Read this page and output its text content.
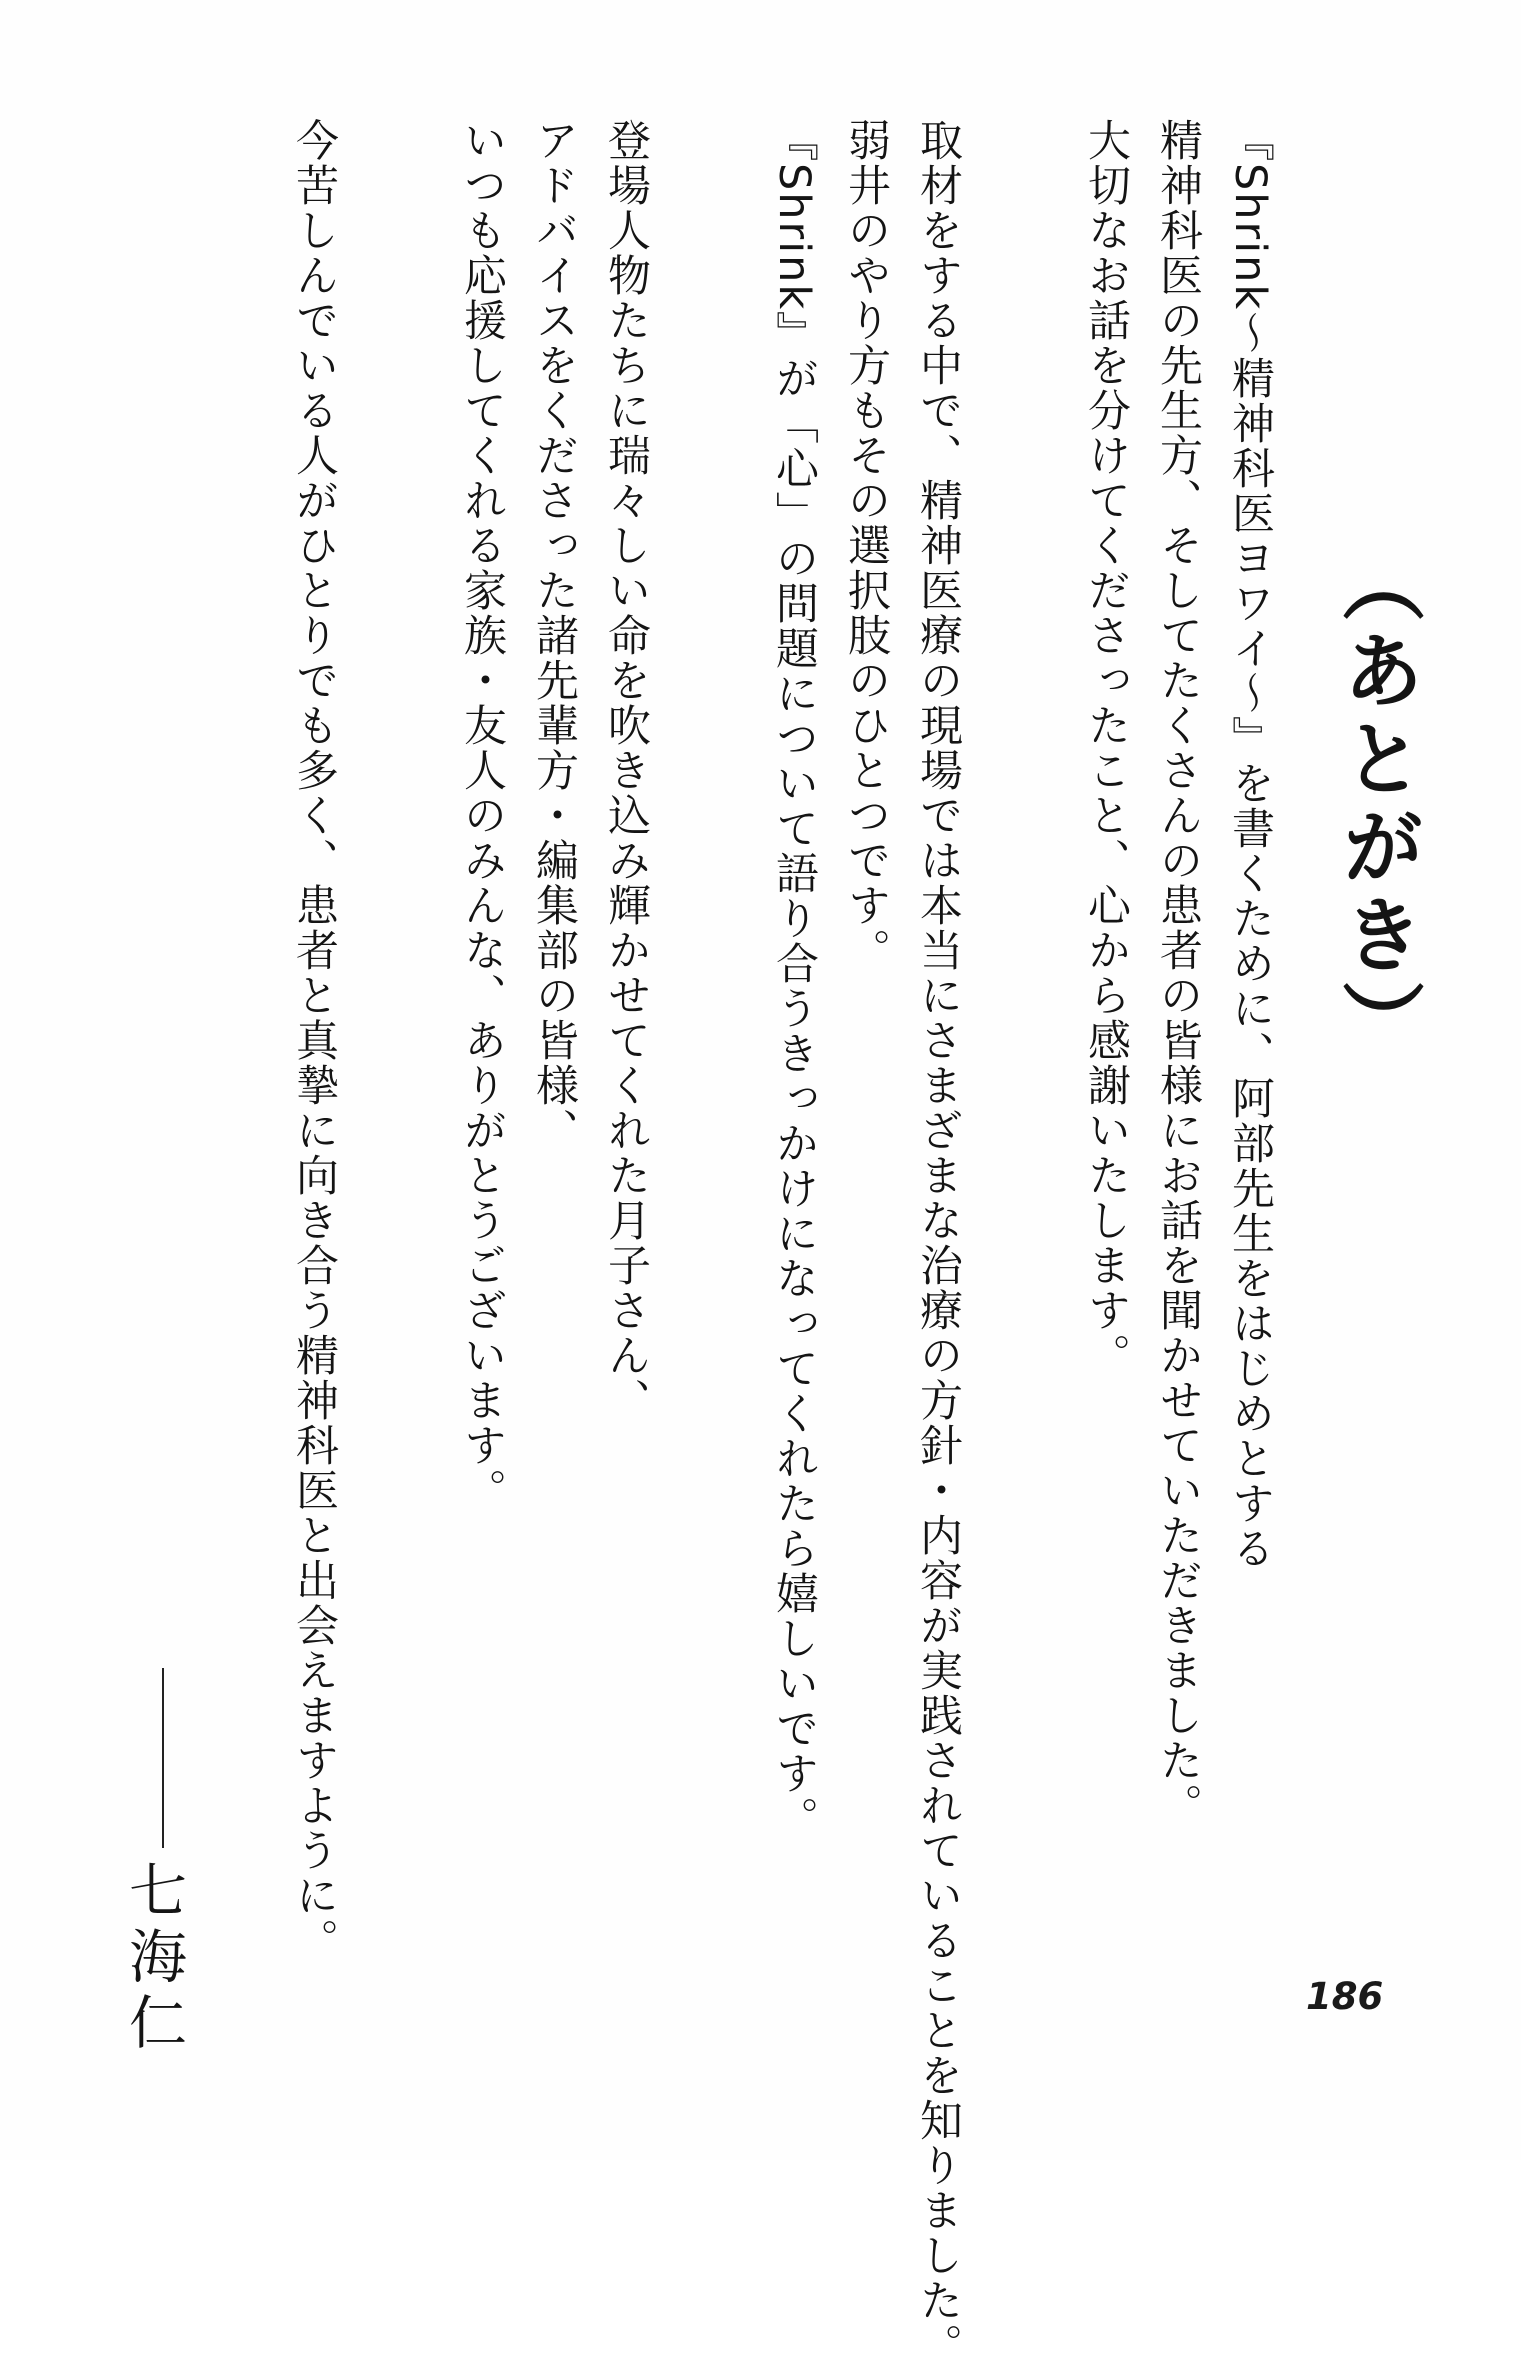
（あとがき）
『Shrink～精神科医ヨワイ～』を書くために、阿部先生をはじめとする
精神科医の先生方、そしてたくさんの患者の皆様にお話を聞かせていただきました。
大切なお話を分けてくださったこと、心から感謝いたします。
取材をする中で、精神医療の現場では本当にさまざまな治療の方針・内容が実践されていることを知りました。
弱井のやり方もその選択肢のひとつです。
『Shrink』が「心」の問題について語り合うきっかけになってくれたら嬉しいです。
登場人物たちに瑞々しい命を吹き込み輝かせてくれた月子さん、
アドバイスをくださった諸先輩方・編集部の皆様、
いつも応援してくれる家族・友人のみんな、ありがとうございます。
今苦しんでいる人がひとりでも多く、患者と真摯に向き合う精神科医と出会えますように。
七海仁	186
